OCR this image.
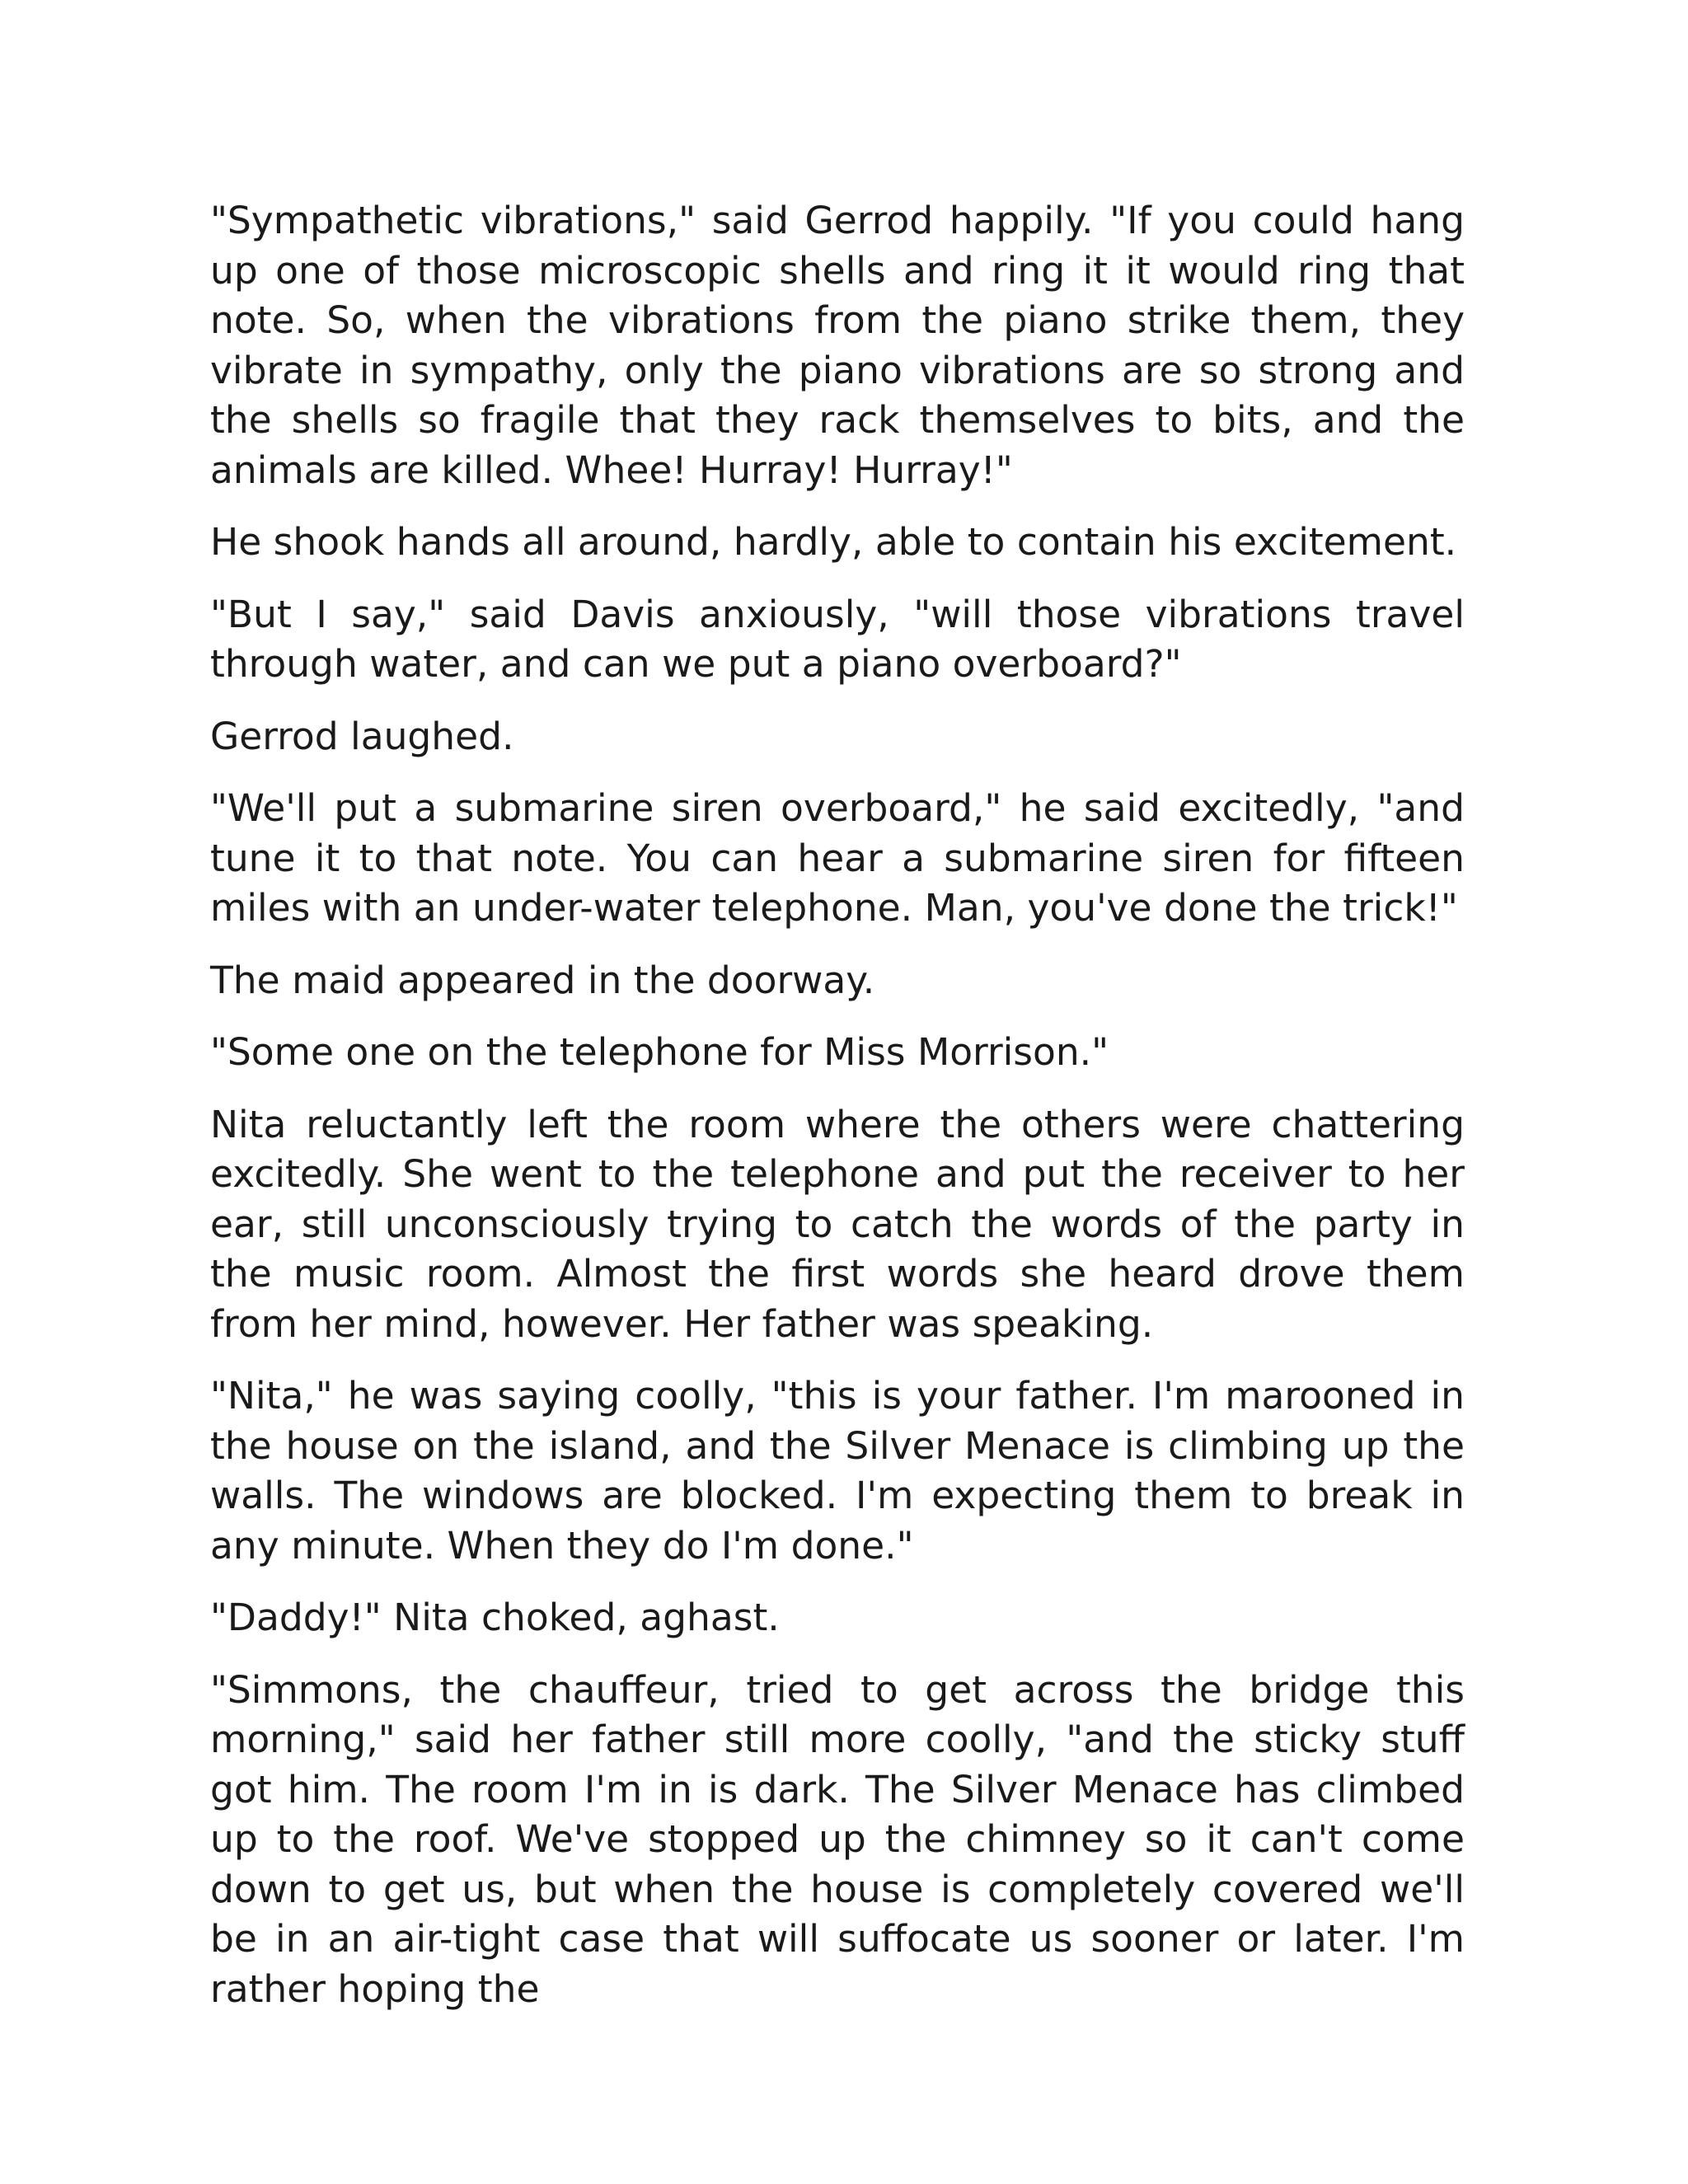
"Sympathetic vibrations," said Gerrod happily. "If you could hang up one of those microscopic shells and ring it it would ring that note. So, when the vibrations from the piano strike them, they vibrate in sympathy, only the piano vibrations are so strong and the shells so fragile that they rack themselves to bits, and the animals are killed. Whee! Hurray! Hurray!"

He shook hands all around, hardly, able to contain his excitement.

"But I say," said Davis anxiously, "will those vibrations travel through water, and can we put a piano overboard?"

Gerrod laughed.

"We'll put a submarine siren overboard," he said excitedly, "and tune it to that note. You can hear a submarine siren for fifteen miles with an under-water telephone. Man, you've done the trick!"

The maid appeared in the doorway.

"Some one on the telephone for Miss Morrison."

Nita reluctantly left the room where the others were chattering excitedly. She went to the telephone and put the receiver to her ear, still unconsciously trying to catch the words of the party in the music room. Almost the first words she heard drove them from her mind, however. Her father was speaking.

"Nita," he was saying coolly, "this is your father. I'm marooned in the house on the island, and the Silver Menace is climbing up the walls. The windows are blocked. I'm expecting them to break in any minute. When they do I'm done."

"Daddy!" Nita choked, aghast.

"Simmons, the chauffeur, tried to get across the bridge this morning," said her father still more coolly, "and the sticky stuff got him. The room I'm in is dark. The Silver Menace has climbed up to the roof. We've stopped up the chimney so it can't come down to get us, but when the house is completely covered we'll be in an air-tight case that will suffocate us sooner or later. I'm rather hoping the
